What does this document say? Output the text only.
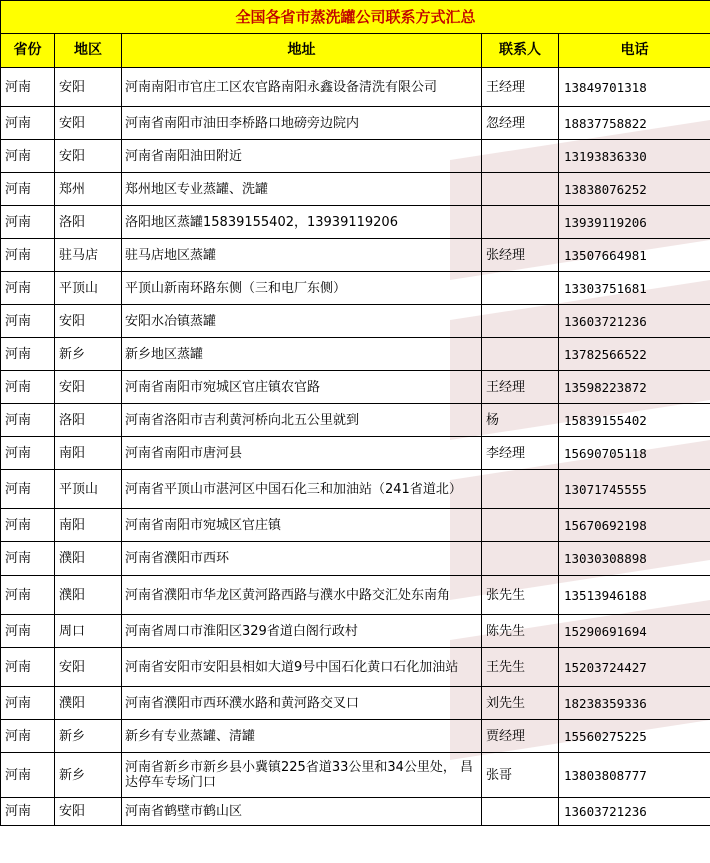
全国各省市蒸洗罐公司联系方式汇总				
省份	地区	地址	联系人	电话
河南	安阳	河南南阳市官庄工区农官路南阳永鑫设备清洗有限公司	王经理	13849701318
河南	安阳	河南省南阳市油田李桥路口地磅旁边院内	忽经理	18837758822
河南	安阳	河南省南阳油田附近		13193836330
河南	郑州	郑州地区专业蒸罐、洗罐		13838076252
河南	洛阳	洛阳地区蒸罐15839155402，13939119206		13939119206
河南	驻马店	驻马店地区蒸罐	张经理	13507664981
河南	平顶山	平顶山新南环路东侧（三和电厂东侧）		13303751681
河南	安阳	安阳水冶镇蒸罐		13603721236
河南	新乡	新乡地区蒸罐		13782566522
河南	安阳	河南省南阳市宛城区官庄镇农官路	王经理	13598223872
河南	洛阳	河南省洛阳市吉利黄河桥向北五公里就到	杨	15839155402
河南	南阳	河南省南阳市唐河县	李经理	15690705118
河南	平顶山	河南省平顶山市湛河区中国石化三和加油站（241省道北）		13071745555
河南	南阳	河南省南阳市宛城区官庄镇		15670692198
河南	濮阳	河南省濮阳市西环		13030308898
河南	濮阳	河南省濮阳市华龙区黄河路西路与濮水中路交汇处东南角	张先生	13513946188
河南	周口	河南省周口市淮阳区329省道白阁行政村	陈先生	15290691694
河南	安阳	河南省安阳市安阳县相如大道9号中国石化黄口石化加油站	王先生	15203724427
河南	濮阳	河南省濮阳市西环濮水路和黄河路交叉口	刘先生	18238359336
河南	新乡	新乡有专业蒸罐、清罐	贾经理	15560275225
河南	新乡	河南省新乡市新乡县小冀镇225省道33公里和34公里处， 昌达停车专场门口	张哥	13803808777
河南	安阳	河南省鹤壁市鹤山区		13603721236
